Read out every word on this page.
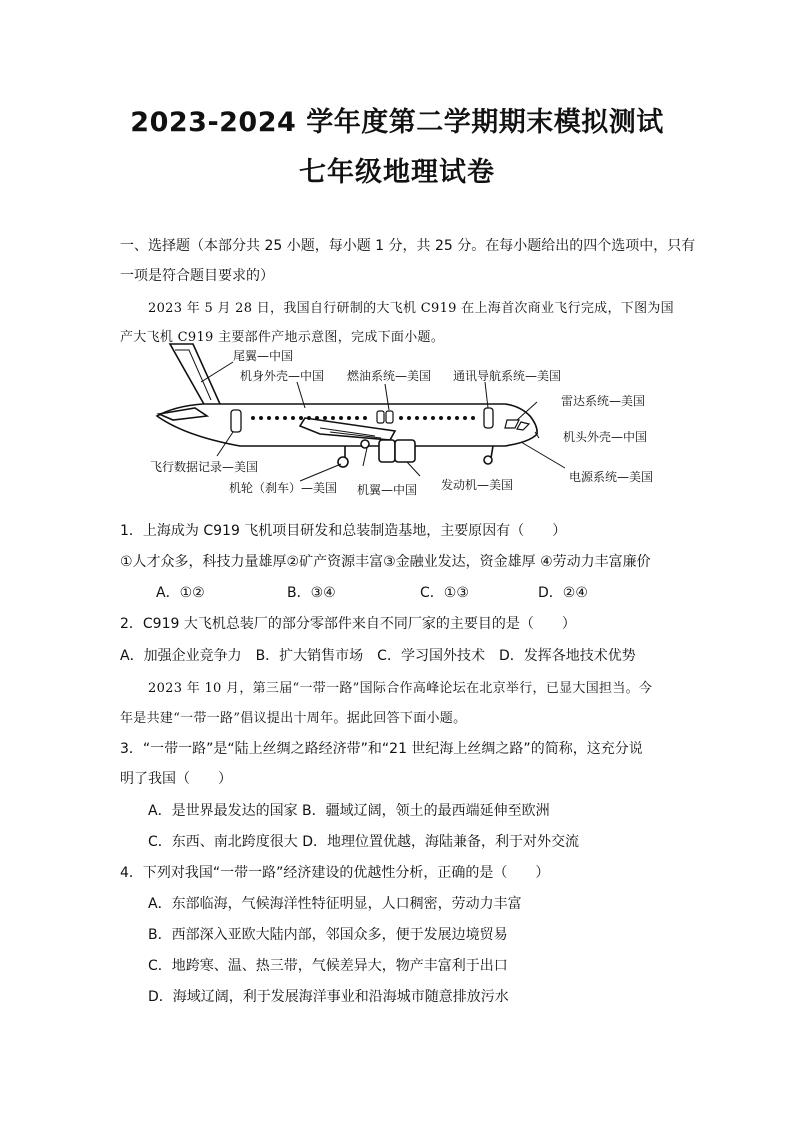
2023-2024 学年度第二学期期末模拟测试
七年级地理试卷
一、选择题（本部分共 25 小题，每小题 1 分，共 25 分。在每小题给出的四个选项中，只有
一项是符合题目要求的）
2023 年 5 月 28 日，我国自行研制的大飞机 C919 在上海首次商业飞行完成，下图为国
产大飞机 C919 主要部件产地示意图，完成下面小题。
尾翼—中国
机身外壳—中国 燃油系统—美国 通讯导航系统—美国
雷达系统—美国
机头外壳—中国
飞行数据记录—美国
机轮（刹车）—美国 机翼—中国 发动机—美国
电源系统—美国
1．上海成为 C919 飞机项目研发和总装制造基地，主要原因有（　　）
①人才众多，科技力量雄厚②矿产资源丰富③金融业发达，资金雄厚 ④劳动力丰富廉价
A．①②	B．③④	C．①③	D．②④
2．C919 大飞机总装厂的部分零部件来自不同厂家的主要目的是（　　）
A．加强企业竞争力　B．扩大销售市场　C．学习国外技术　D．发挥各地技术优势
2023 年 10 月，第三届“一带一路”国际合作高峰论坛在北京举行，已显大国担当。今
年是共建“一带一路”倡议提出十周年。据此回答下面小题。
3．“一带一路”是“陆上丝绸之路经济带”和“21 世纪海上丝绸之路”的简称，这充分说
明了我国（　　）
A．是世界最发达的国家 B．疆域辽阔，领土的最西端延伸至欧洲
C．东西、南北跨度很大 D．地理位置优越，海陆兼备，利于对外交流
4．下列对我国“一带一路”经济建设的优越性分析，正确的是（　　）
A．东部临海，气候海洋性特征明显，人口稠密，劳动力丰富
B．西部深入亚欧大陆内部，邻国众多，便于发展边境贸易
C．地跨寒、温、热三带，气候差异大，物产丰富利于出口
D．海域辽阔，利于发展海洋事业和沿海城市随意排放污水
